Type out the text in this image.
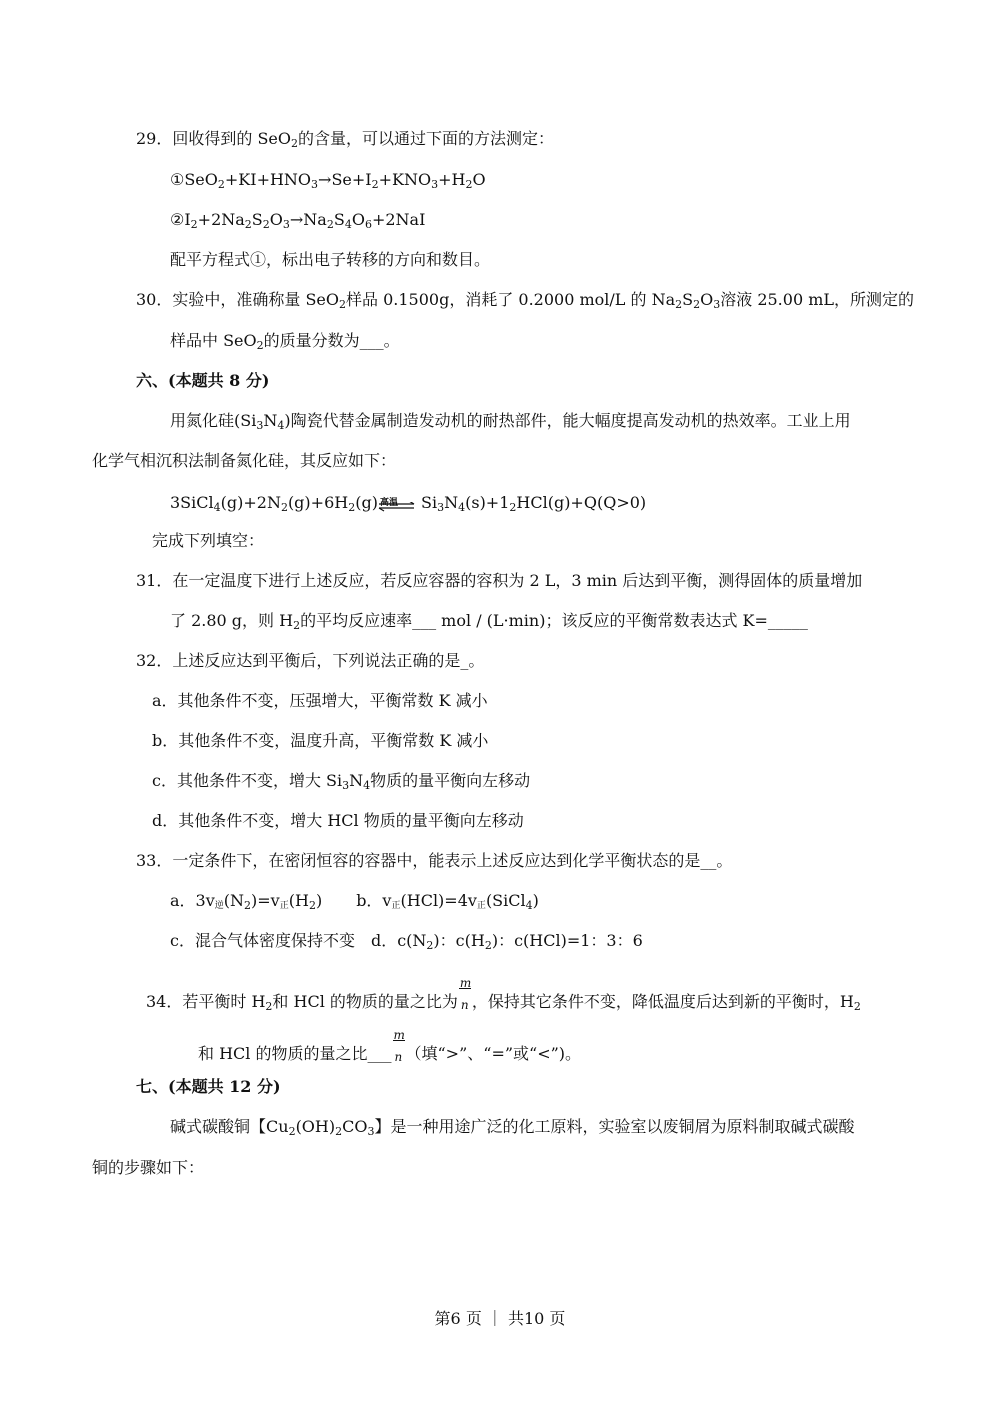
29．回收得到的 SeO$_2$的含量，可以通过下面的方法测定：
$①SeO_2+KI+HNO_3\to Se+I_2+KNO_3+H_2O$
$②I_2+2Na_2S_2O_3\to Na_2S_4O_6+2NaI$
配平方程式①，标出电子转移的方向和数目。
30．实验中，准确称量 SeO$_2$样品 0.1500g，消耗了 0.2000 mol/L 的 $Na_2S_2O_3$溶液 25.00 mL，所测定的
样品中 SeO$_2$的质量分数为___。
六、(本题共 8 分)
用氮化硅$(Si_3N_4)$陶瓷代替金属制造发动机的耐热部件，能大幅度提高发动机的热效率。工业上用
化学气相沉积法制备氮化硅，其反应如下：
$3SiCl_4(g)+2N_2(g)+6H_2(g)$ 高温 $Si_3N_4(s)+1_2HCl(g)+Q(Q>0)$
完成下列填空：
31．在一定温度下进行上述反应，若反应容器的容积为 2 L，3 min 后达到平衡，测得固体的质量增加
了 2.80 g，则 $H_2$的平均反应速率___ mol / (L·min)；该反应的平衡常数表达式 K=_____
32．上述反应达到平衡后，下列说法正确的是_。
a．其他条件不变，压强增大，平衡常数 K 减小
b．其他条件不变，温度升高，平衡常数 K 减小
c．其他条件不变，增大 $Si_3N_4$物质的量平衡向左移动
d．其他条件不变，增大 HCl 物质的量平衡向左移动
33．一定条件下，在密闭恒容的容器中，能表示上述反应达到化学平衡状态的是__。
a．$3v_逆(N_2)=v_正(H_2)$ b．$v_正(HCl)=4v_正(SiCl_4)$
c．混合气体密度保持不变 d．$c(N_2)$：$c(H_2)$：c(HCl)=1：3：6
34．若平衡时 $H_2$和 HCl 的物质的量之比为 $\frac{m}{n}$ ，保持其它条件不变，降低温度后达到新的平衡时，$H_2$
和 HCl 的物质的量之比___ $\frac{m}{n}$ （填“>”、“=”或“<”)。
七、(本题共 12 分)
碱式碳酸铜【$Cu_2(OH)_2CO_3$】是一种用途广泛的化工原料，实验室以废铜屑为原料制取碱式碳酸
铜的步骤如下：
第6 页 ｜ 共10 页
